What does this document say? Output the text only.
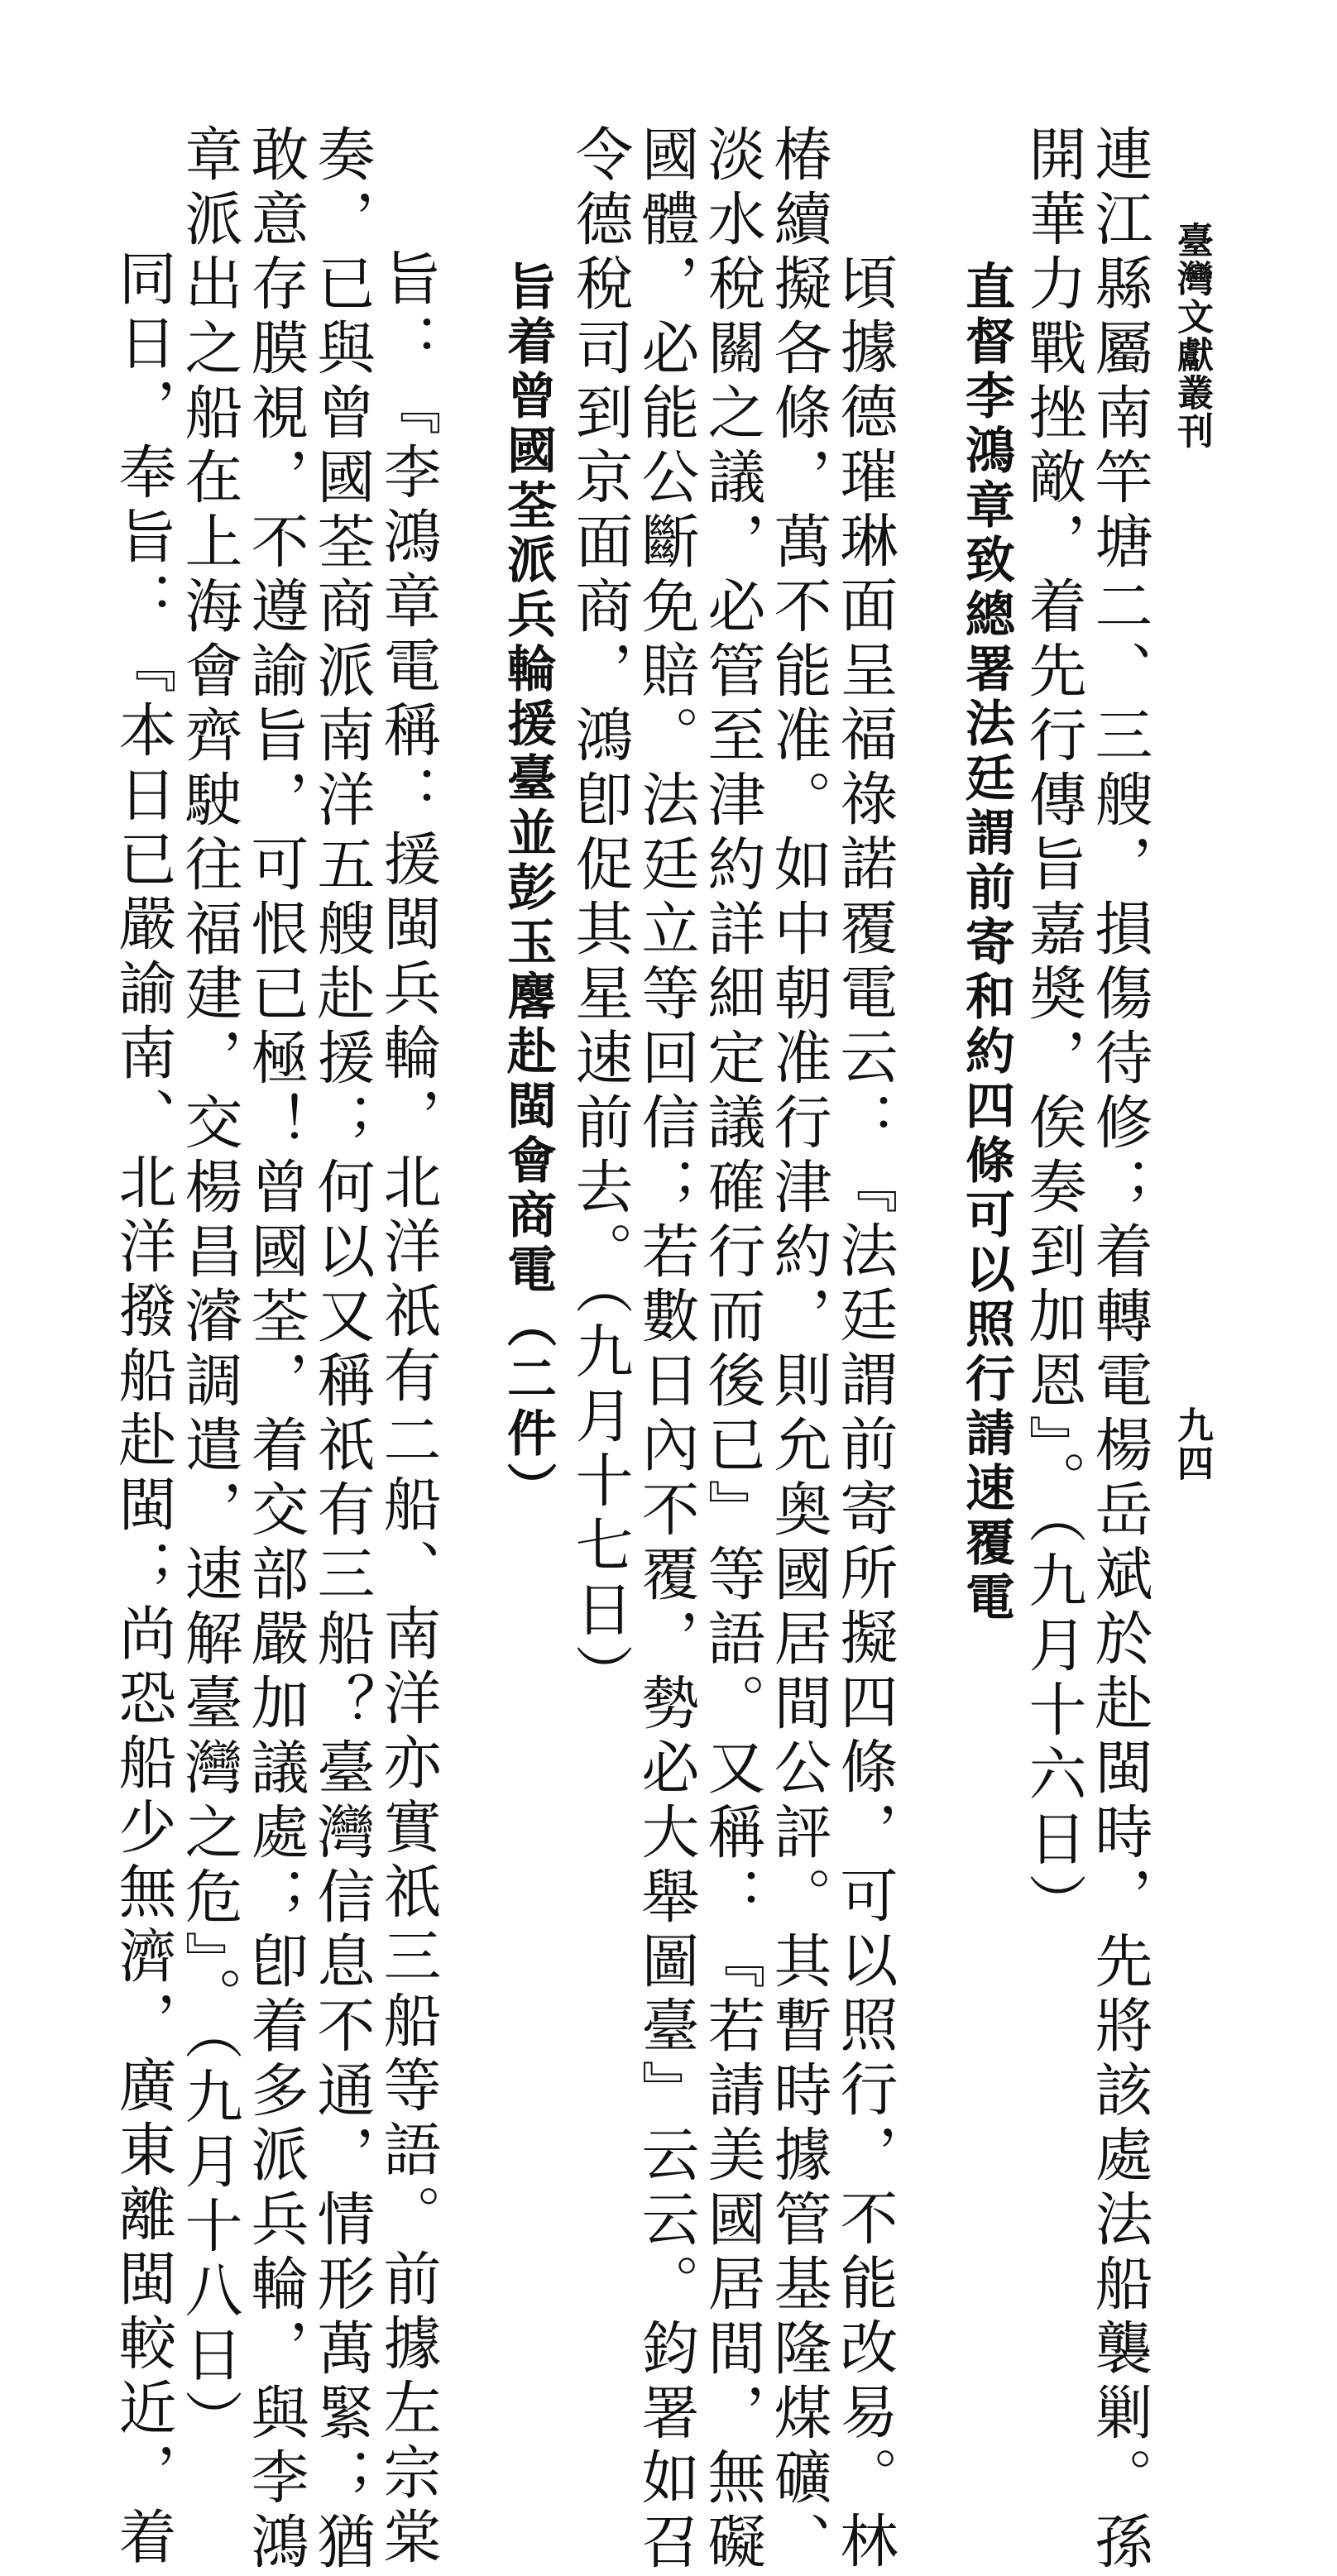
臺灣文獻叢刊
九四
連江縣屬南竿塘二、三艘，損傷待修；着轉電楊岳斌於赴閩時，先將該處法船襲剿。孫
開華力戰挫敵，着先行傳旨嘉奬，俟奏到加恩』。（九月十六日）
直督李鴻章致總署法廷謂前寄和約四條可以照行請速覆電
頃據德璀琳面呈福祿諾覆電云：『法廷謂前寄所擬四條，可以照行，不能改易。林
椿續擬各條，萬不能准。如中朝准行津約，則允奥國居間公評。其暫時據管基隆煤礦、
淡水稅關之議，必管至津約詳細定議確行而後已』等語。又稱：『若請美國居間，無礙
國體，必能公斷免賠。法廷立等回信；若數日內不覆，勢必大舉圖臺』云云。鈞署如召
令德稅司到京面商，鴻卽促其星速前去。（九月十七日）
旨着曾國荃派兵輪援臺並彭玉麐赴閩會商電（二件）
旨：『李鴻章電稱：援閩兵輪，北洋祇有二船、南洋亦實祇三船等語。前據左宗棠
奏，已與曾國荃商派南洋五艘赴援；何以又稱祇有三船？臺灣信息不通，情形萬緊；猶
敢意存膜視，不遵諭旨，可恨已極！曾國荃，着交部嚴加議處；卽着多派兵輪，與李鴻
章派出之船在上海會齊駛往福建，交楊昌濬調遣，速解臺灣之危』。（九月十八日）
同日，奉旨：『本日已嚴諭南、北洋撥船赴閩；尚恐船少無濟，廣東離閩較近，着
